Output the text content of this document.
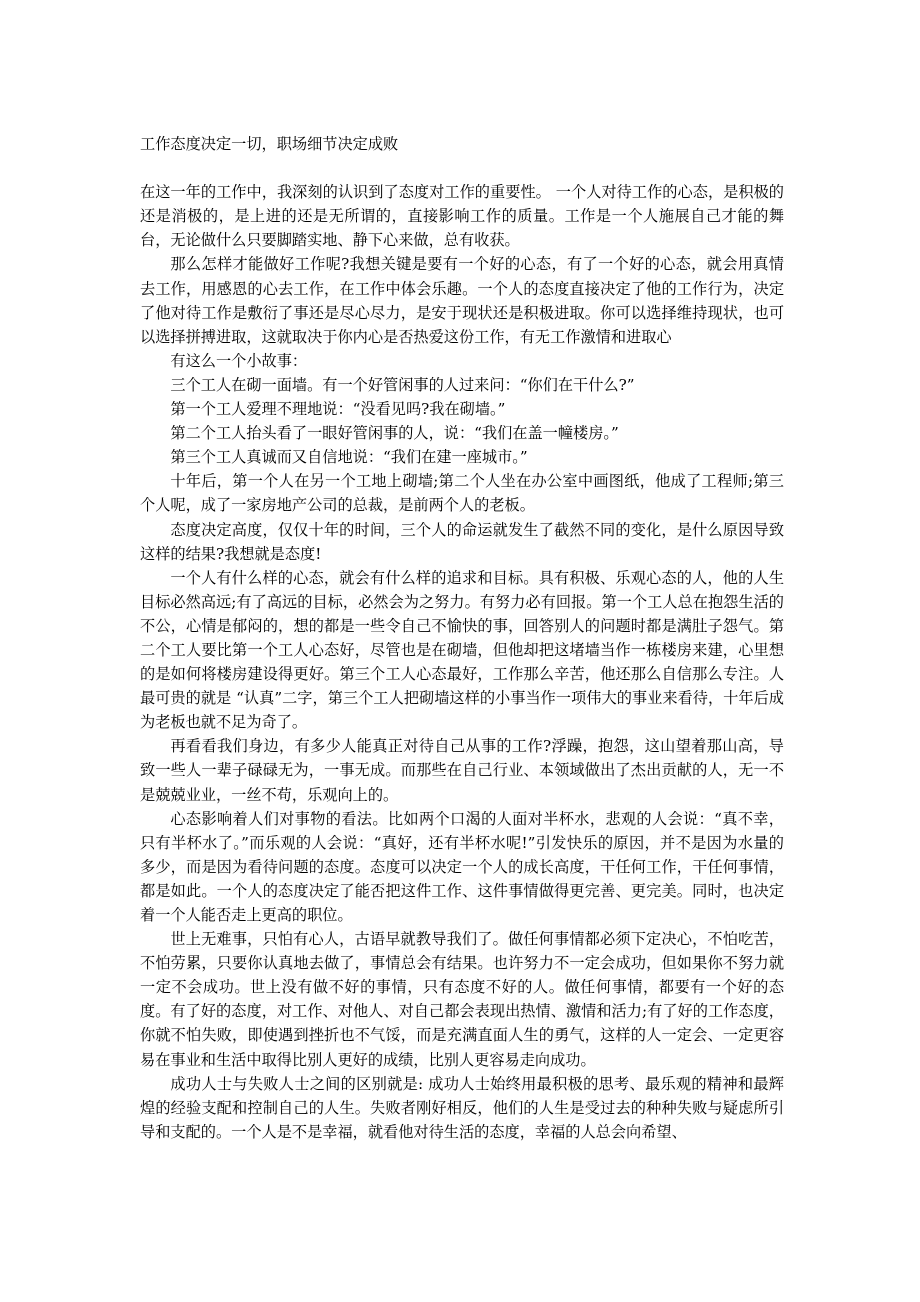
工作态度决定一切，职场细节决定成败

在这一年的工作中，我深刻的认识到了态度对工作的重要性。 一个人对待工作的心态，是积极的还是消极的，是上进的还是无所谓的，直接影响工作的质量。工作是一个人施展自己才能的舞台，无论做什么只要脚踏实地、静下心来做，总有收获。

那么怎样才能做好工作呢?我想关键是要有一个好的心态，有了一个好的心态，就会用真情去工作，用感恩的心去工作，在工作中体会乐趣。一个人的态度直接决定了他的工作行为，决定了他对待工作是敷衍了事还是尽心尽力，是安于现状还是积极进取。你可以选择维持现状，也可以选择拼搏进取，这就取决于你内心是否热爱这份工作，有无工作激情和进取心

有这么一个小故事：

三个工人在砌一面墙。有一个好管闲事的人过来问：“你们在干什么?”

第一个工人爱理不理地说：“没看见吗?我在砌墙。”

第二个工人抬头看了一眼好管闲事的人，说：“我们在盖一幢楼房。”

第三个工人真诚而又自信地说：“我们在建一座城市。”

十年后，第一个人在另一个工地上砌墙;第二个人坐在办公室中画图纸，他成了工程师;第三个人呢，成了一家房地产公司的总裁，是前两个人的老板。

态度决定高度，仅仅十年的时间，三个人的命运就发生了截然不同的变化，是什么原因导致这样的结果?我想就是态度!

一个人有什么样的心态，就会有什么样的追求和目标。具有积极、乐观心态的人，他的人生目标必然高远;有了高远的目标，必然会为之努力。有努力必有回报。第一个工人总在抱怨生活的不公，心情是郁闷的，想的都是一些令自己不愉快的事，回答别人的问题时都是满肚子怨气。第二个工人要比第一个工人心态好，尽管也是在砌墙，但他却把这堵墙当作一栋楼房来建，心里想的是如何将楼房建设得更好。第三个工人心态最好，工作那么辛苦，他还那么自信那么专注。人最可贵的就是 “认真”二字，第三个工人把砌墙这样的小事当作一项伟大的事业来看待，十年后成为老板也就不足为奇了。

再看看我们身边，有多少人能真正对待自己从事的工作?浮躁，抱怨，这山望着那山高，导致一些人一辈子碌碌无为，一事无成。而那些在自己行业、本领域做出了杰出贡献的人，无一不是兢兢业业，一丝不苟，乐观向上的。

心态影响着人们对事物的看法。比如两个口渴的人面对半杯水，悲观的人会说：“真不幸，只有半杯水了。”而乐观的人会说：“真好，还有半杯水呢!”引发快乐的原因，并不是因为水量的多少，而是因为看待问题的态度。态度可以决定一个人的成长高度，干任何工作，干任何事情，都是如此。一个人的态度决定了能否把这件工作、这件事情做得更完善、更完美。同时，也决定着一个人能否走上更高的职位。

世上无难事，只怕有心人，古语早就教导我们了。做任何事情都必须下定决心，不怕吃苦，不怕劳累，只要你认真地去做了，事情总会有结果。也许努力不一定会成功，但如果你不努力就一定不会成功。世上没有做不好的事情，只有态度不好的人。做任何事情，都要有一个好的态度。有了好的态度，对工作、对他人、对自己都会表现出热情、激情和活力;有了好的工作态度，你就不怕失败，即使遇到挫折也不气馁，而是充满直面人生的勇气，这样的人一定会、一定更容易在事业和生活中取得比别人更好的成绩，比别人更容易走向成功。

成功人士与失败人士之间的区别就是: 成功人士始终用最积极的思考、最乐观的精神和最辉煌的经验支配和控制自己的人生。失败者刚好相反，他们的人生是受过去的种种失败与疑虑所引导和支配的。一个人是不是幸福，就看他对待生活的态度，幸福的人总会向希望、
